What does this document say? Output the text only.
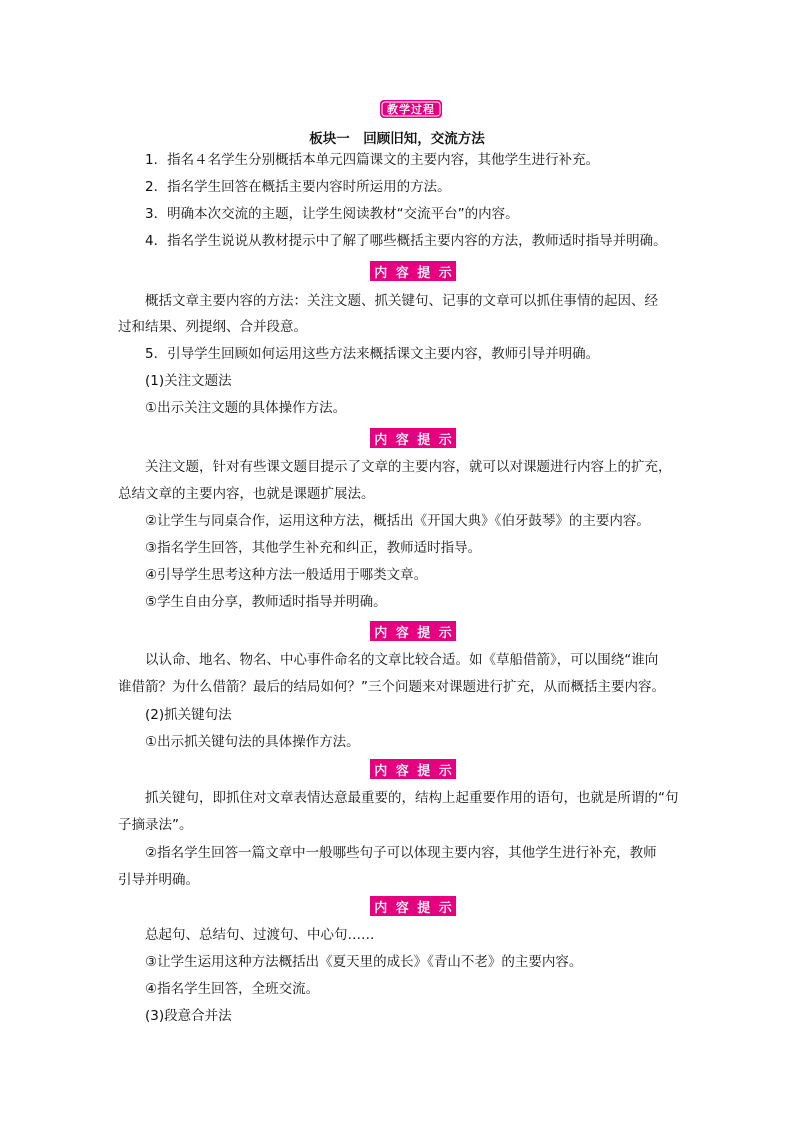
教学过程
板块一　回顾旧知，交流方法
1．指名４名学生分别概括本单元四篇课文的主要内容，其他学生进行补充。
2．指名学生回答在概括主要内容时所运用的方法。
3．明确本次交流的主题，让学生阅读教材“交流平台”的内容。
4．指名学生说说从教材提示中了解了哪些概括主要内容的方法，教师适时指导并明确。
内 容 提 示
概括文章主要内容的方法：关注文题、抓关键句、记事的文章可以抓住事情的起因、经
过和结果、列提纲、合并段意。
5．引导学生回顾如何运用这些方法来概括课文主要内容，教师引导并明确。
(1)关注文题法
①出示关注文题的具体操作方法。
内 容 提 示
关注文题，针对有些课文题目提示了文章的主要内容，就可以对课题进行内容上的扩充，
总结文章的主要内容，也就是课题扩展法。
②让学生与同桌合作，运用这种方法，概括出《开国大典》《伯牙鼓琴》的主要内容。
③指名学生回答，其他学生补充和纠正，教师适时指导。
④引导学生思考这种方法一般适用于哪类文章。
⑤学生自由分享，教师适时指导并明确。
内 容 提 示
以认命、地名、物名、中心事件命名的文章比较合适。如《草船借箭》，可以围绕“谁向
谁借箭？为什么借箭？最后的结局如何？”三个问题来对课题进行扩充，从而概括主要内容。
(2)抓关键句法
①出示抓关键句法的具体操作方法。
内 容 提 示
抓关键句，即抓住对文章表情达意最重要的，结构上起重要作用的语句，也就是所谓的“句
子摘录法”。
②指名学生回答一篇文章中一般哪些句子可以体现主要内容，其他学生进行补充，教师
引导并明确。
内 容 提 示
总起句、总结句、过渡句、中心句……
③让学生运用这种方法概括出《夏天里的成长》《青山不老》的主要内容。
④指名学生回答，全班交流。
(3)段意合并法
